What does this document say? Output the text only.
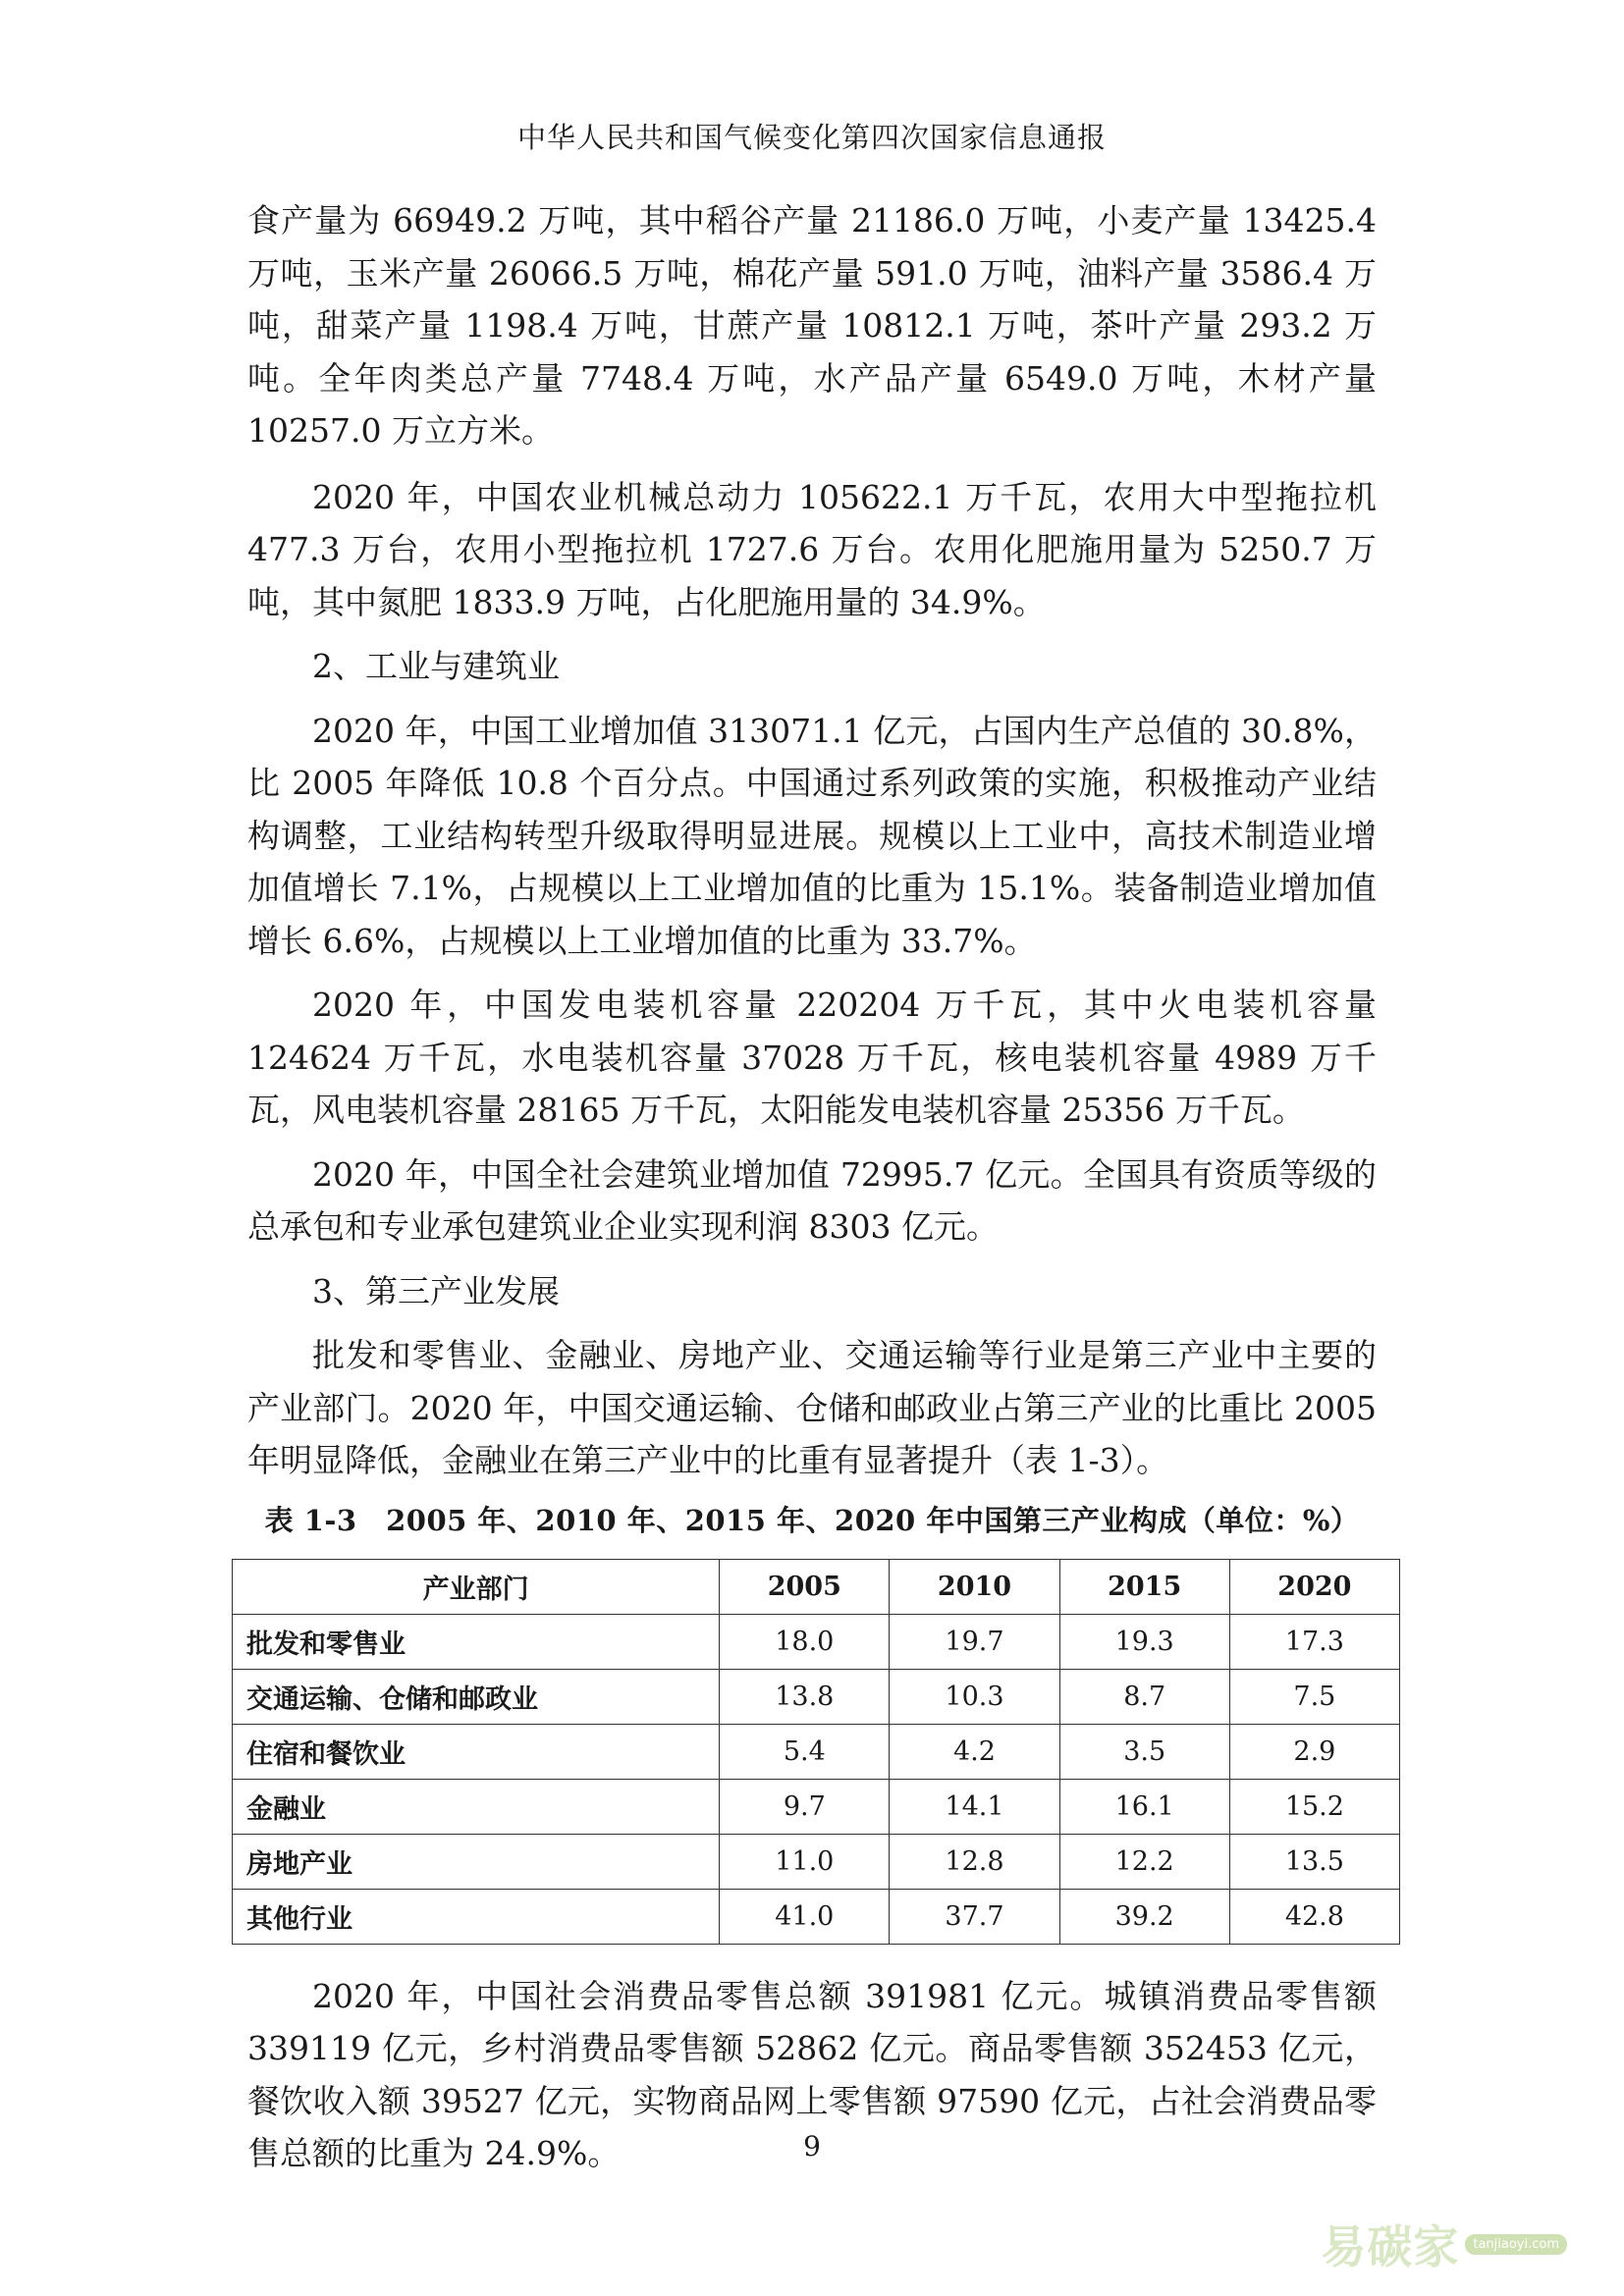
中华人民共和国气候变化第四次国家信息通报

食产量为 66949.2 万吨，其中稻谷产量 21186.0 万吨，小麦产量 13425.4 万吨，玉米产量 26066.5 万吨，棉花产量 591.0 万吨，油料产量 3586.4 万吨，甜菜产量 1198.4 万吨，甘蔗产量 10812.1 万吨，茶叶产量 293.2 万吨。全年肉类总产量 7748.4 万吨，水产品产量 6549.0 万吨，木材产量 10257.0 万立方米。

2020 年，中国农业机械总动力 105622.1 万千瓦，农用大中型拖拉机 477.3 万台，农用小型拖拉机 1727.6 万台。农用化肥施用量为 5250.7 万吨，其中氮肥 1833.9 万吨，占化肥施用量的 34.9%。

2、工业与建筑业

2020 年，中国工业增加值 313071.1 亿元，占国内生产总值的 30.8%，比 2005 年降低 10.8 个百分点。中国通过系列政策的实施，积极推动产业结构调整，工业结构转型升级取得明显进展。规模以上工业中，高技术制造业增加值增长 7.1%，占规模以上工业增加值的比重为 15.1%。装备制造业增加值增长 6.6%，占规模以上工业增加值的比重为 33.7%。

2020 年，中国发电装机容量 220204 万千瓦，其中火电装机容量 124624 万千瓦，水电装机容量 37028 万千瓦，核电装机容量 4989 万千瓦，风电装机容量 28165 万千瓦，太阳能发电装机容量 25356 万千瓦。

2020 年，中国全社会建筑业增加值 72995.7 亿元。全国具有资质等级的总承包和专业承包建筑业企业实现利润 8303 亿元。

3、第三产业发展

批发和零售业、金融业、房地产业、交通运输等行业是第三产业中主要的产业部门。2020 年，中国交通运输、仓储和邮政业占第三产业的比重比 2005 年明显降低，金融业在第三产业中的比重有显著提升（表 1-3）。

表 1-3　2005 年、2010 年、2015 年、2020 年中国第三产业构成（单位：%）
产业部门	2005	2010	2015	2020
批发和零售业	18.0	19.7	19.3	17.3
交通运输、仓储和邮政业	13.8	10.3	8.7	7.5
住宿和餐饮业	5.4	4.2	3.5	2.9
金融业	9.7	14.1	16.1	15.2
房地产业	11.0	12.8	12.2	13.5
其他行业	41.0	37.7	39.2	42.8

2020 年，中国社会消费品零售总额 391981 亿元。城镇消费品零售额 339119 亿元，乡村消费品零售额 52862 亿元。商品零售额 352453 亿元，餐饮收入额 39527 亿元，实物商品网上零售额 97590 亿元，占社会消费品零售总额的比重为 24.9%。	9
易碳家	tanjiaoyi.com
